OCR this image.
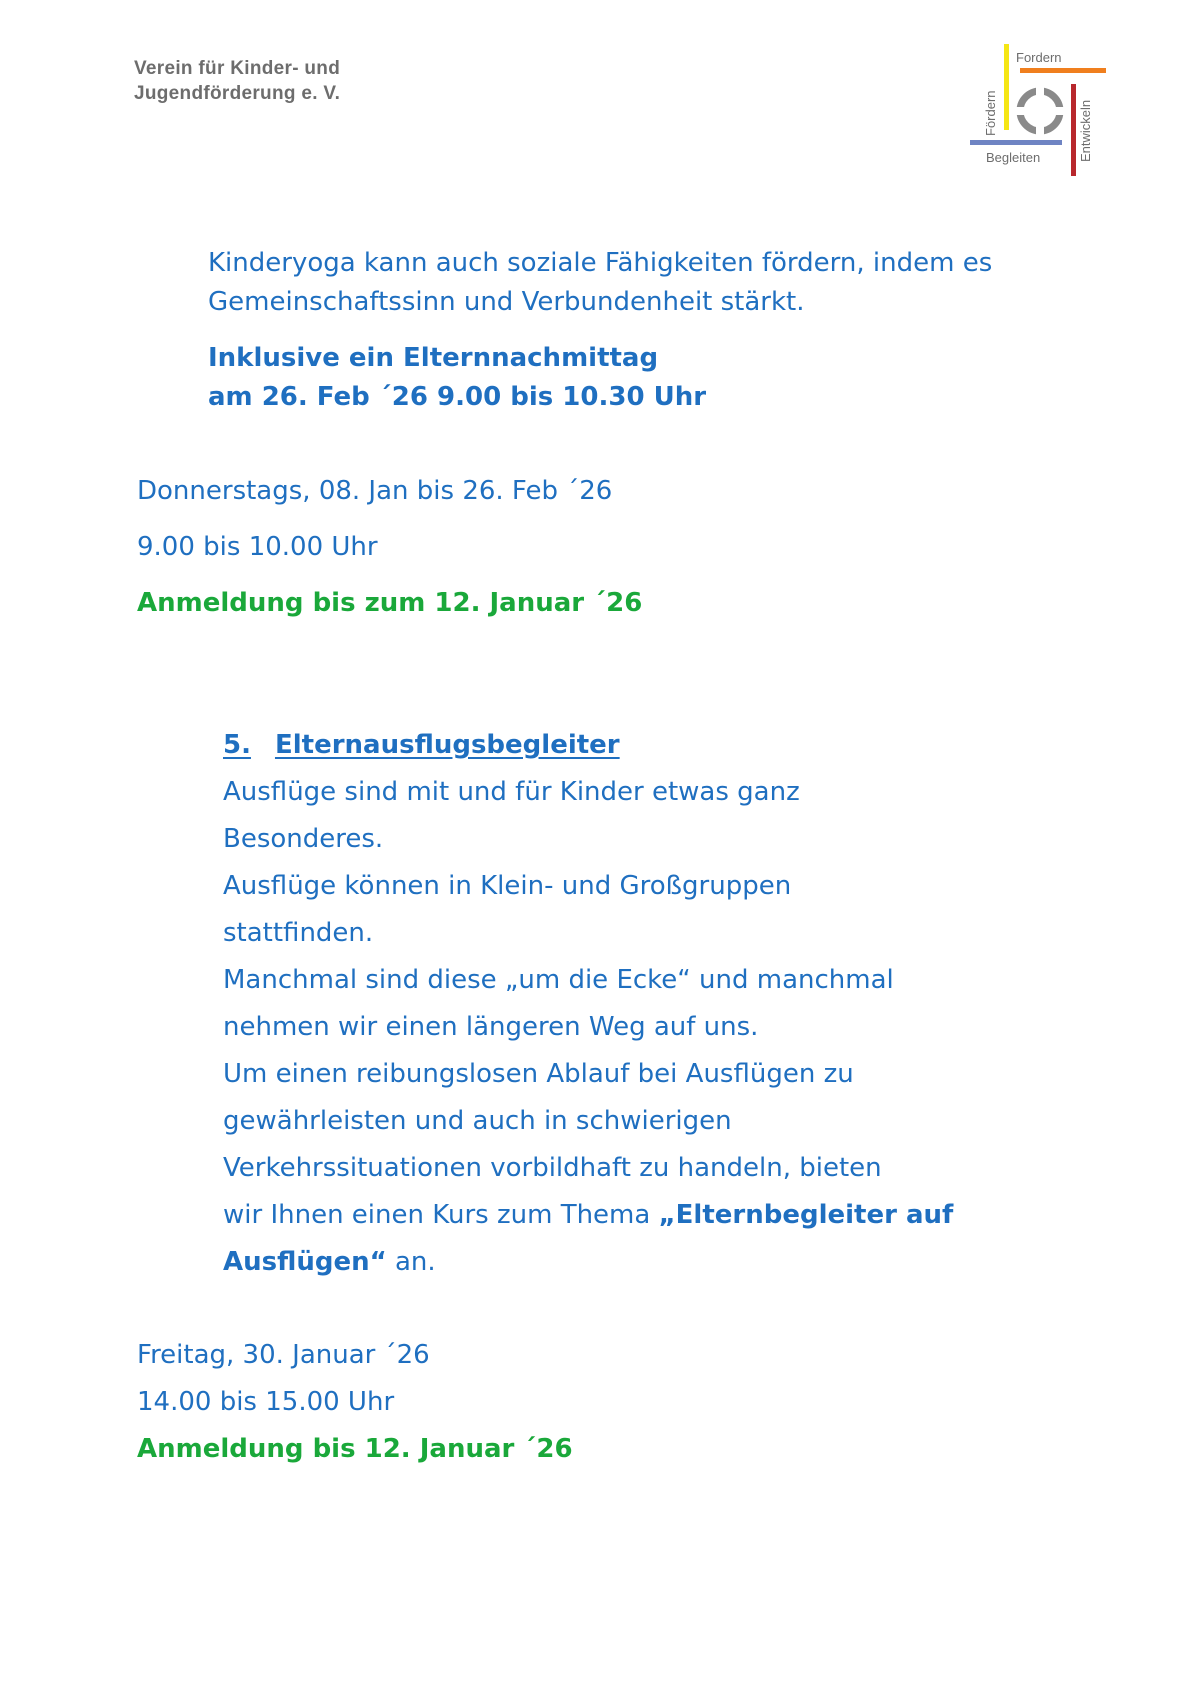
Verein für Kinder- und
Jugendförderung e. V.
Fordern
Begleiten
Fördern	Entwickeln
Kinderyoga kann auch soziale Fähigkeiten fördern, indem es
Gemeinschaftssinn und Verbundenheit stärkt.
Inklusive ein Elternnachmittag
am 26. Feb ´26 9.00 bis 10.30 Uhr
Donnerstags, 08. Jan bis 26. Feb ´26
9.00 bis 10.00 Uhr
Anmeldung bis zum 12. Januar ´26
5. Elternausflugsbegleiter
Ausflüge sind mit und für Kinder etwas ganz
Besonderes.
Ausflüge können in Klein- und Großgruppen
stattfinden.
Manchmal sind diese „um die Ecke“ und manchmal
nehmen wir einen längeren Weg auf uns.
Um einen reibungslosen Ablauf bei Ausflügen zu
gewährleisten und auch in schwierigen
Verkehrssituationen vorbildhaft zu handeln, bieten
wir Ihnen einen Kurs zum Thema „Elternbegleiter auf
Ausflügen“ an.
Freitag, 30. Januar ´26
14.00 bis 15.00 Uhr
Anmeldung bis 12. Januar ´26
